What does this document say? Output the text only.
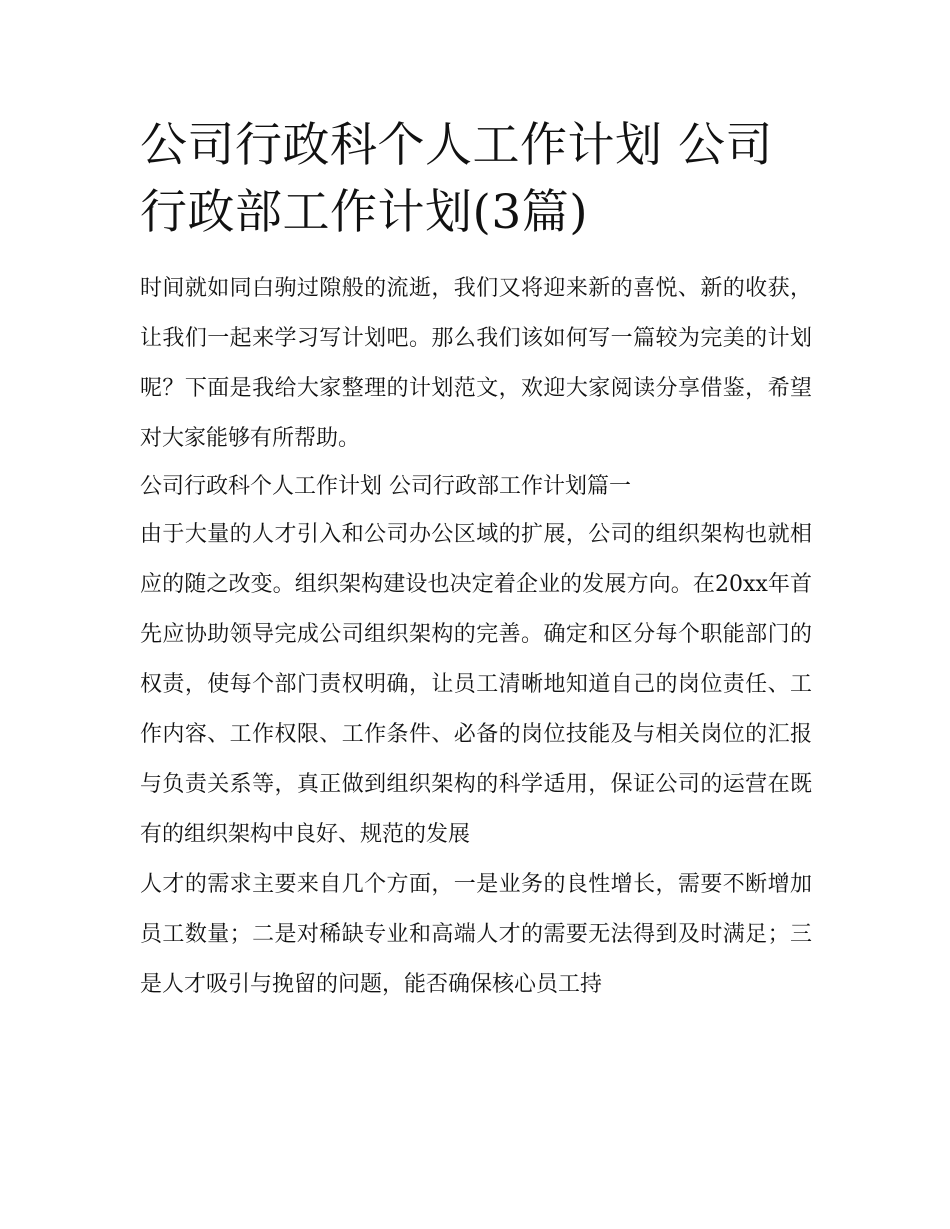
公司行政科个人工作计划 公司行政部工作计划(3篇)

时间就如同白驹过隙般的流逝，我们又将迎来新的喜悦、新的收获，让我们一起来学习写计划吧。那么我们该如何写一篇较为完美的计划呢？下面是我给大家整理的计划范文，欢迎大家阅读分享借鉴，希望对大家能够有所帮助。

公司行政科个人工作计划 公司行政部工作计划篇一

由于大量的人才引入和公司办公区域的扩展，公司的组织架构也就相应的随之改变。组织架构建设也决定着企业的发展方向。在20xx年首先应协助领导完成公司组织架构的完善。确定和区分每个职能部门的权责，使每个部门责权明确，让员工清晰地知道自己的岗位责任、工作内容、工作权限、工作条件、必备的岗位技能及与相关岗位的汇报与负责关系等，真正做到组织架构的科学适用，保证公司的运营在既有的组织架构中良好、规范的发展

人才的需求主要来自几个方面，一是业务的良性增长，需要不断增加员工数量；二是对稀缺专业和高端人才的需要无法得到及时满足；三是人才吸引与挽留的问题，能否确保核心员工持
